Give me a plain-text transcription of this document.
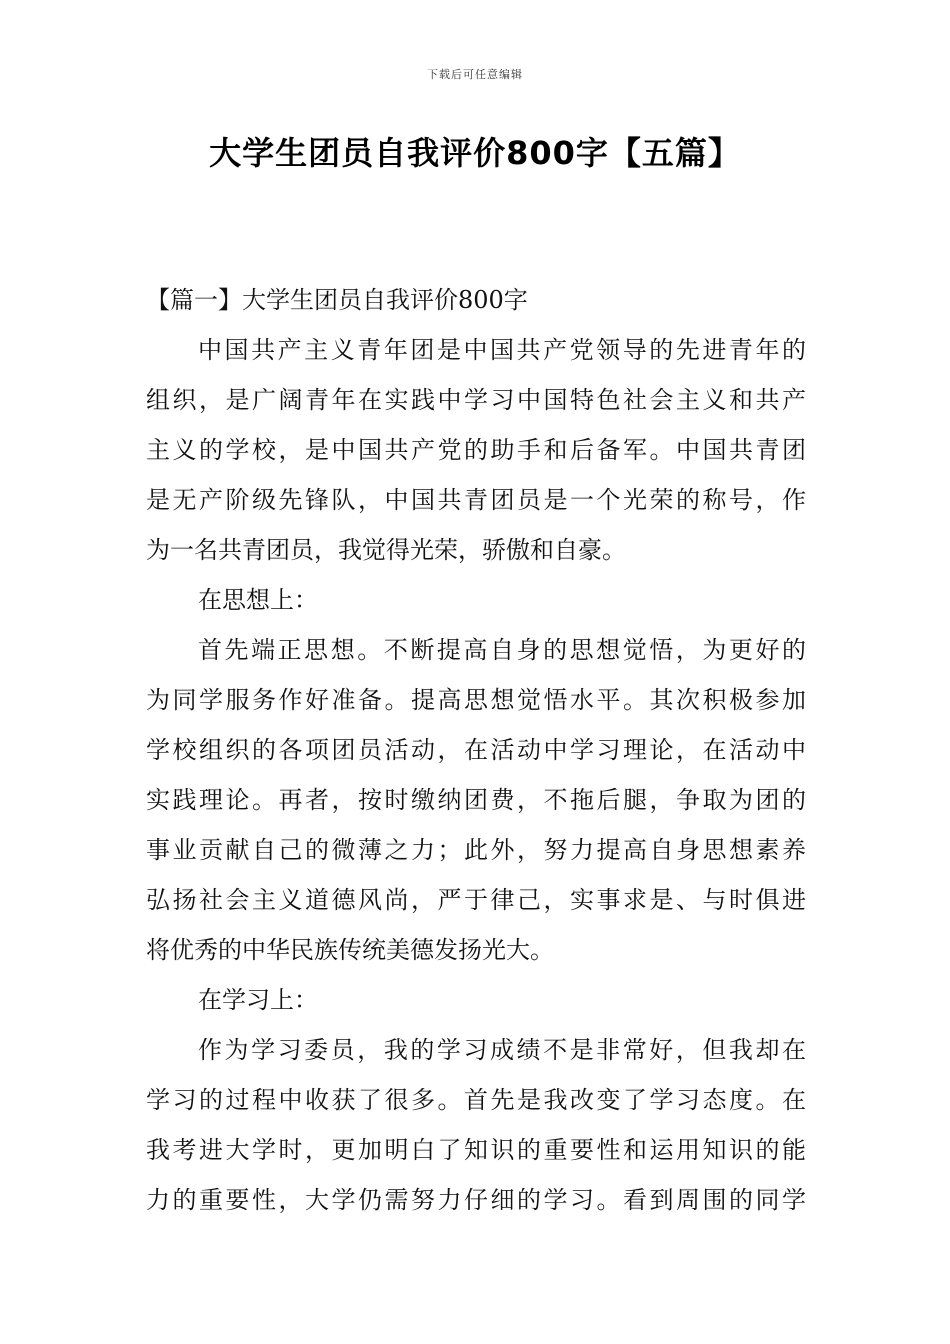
下载后可任意编辑
大学生团员自我评价800字【五篇】
【篇一】大学生团员自我评价800字
中国共产主义青年团是中国共产党领导的先进青年的
组织，是广阔青年在实践中学习中国特色社会主义和共产
主义的学校，是中国共产党的助手和后备军。中国共青团
是无产阶级先锋队，中国共青团员是一个光荣的称号，作
为一名共青团员，我觉得光荣，骄傲和自豪。
在思想上：
首先端正思想。不断提高自身的思想觉悟，为更好的
为同学服务作好准备。提高思想觉悟水平。其次积极参加
学校组织的各项团员活动，在活动中学习理论，在活动中
实践理论。再者，按时缴纳团费，不拖后腿，争取为团的
事业贡献自己的微薄之力；此外，努力提高自身思想素养
弘扬社会主义道德风尚，严于律己，实事求是、与时俱进
将优秀的中华民族传统美德发扬光大。
在学习上：
作为学习委员，我的学习成绩不是非常好，但我却在
学习的过程中收获了很多。首先是我改变了学习态度。在
我考进大学时，更加明白了知识的重要性和运用知识的能
力的重要性，大学仍需努力仔细的学习。看到周围的同学
